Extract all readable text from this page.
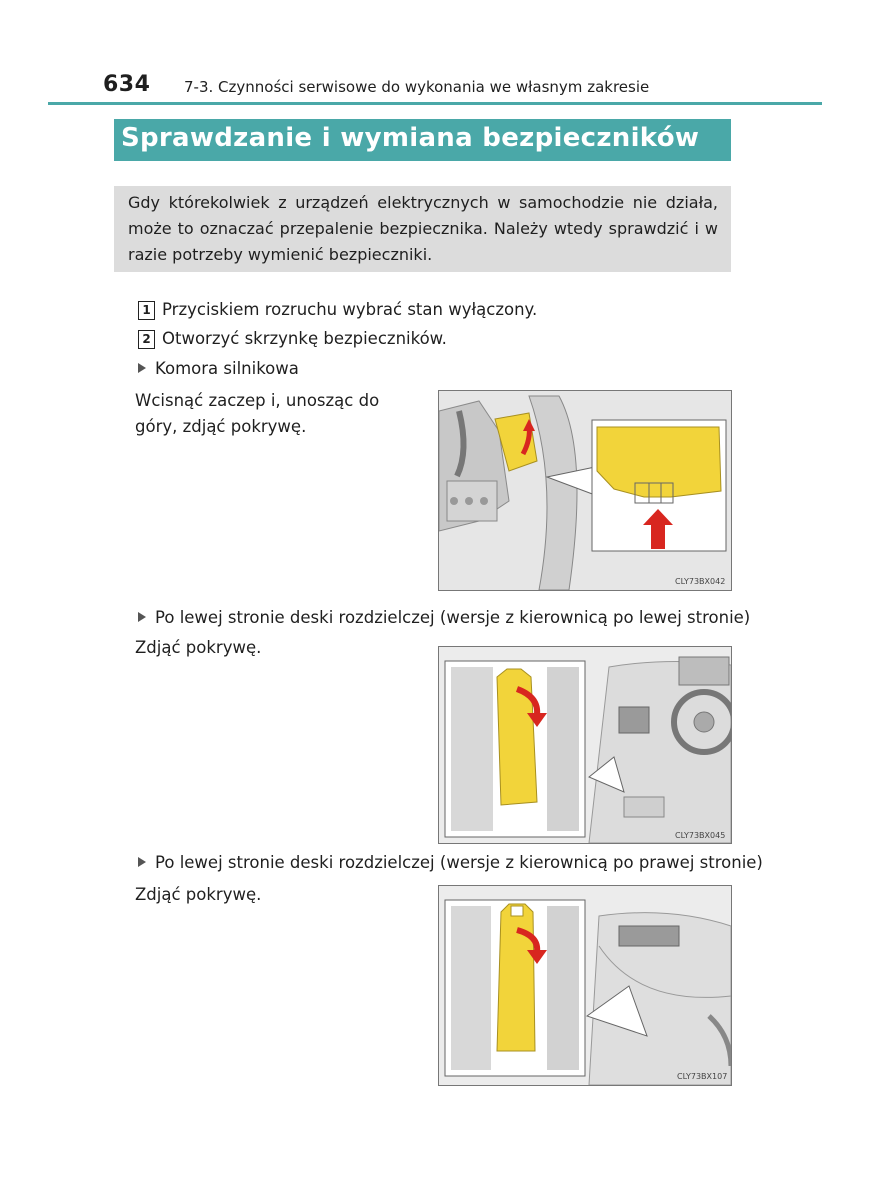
634 7-3. Czynności serwisowe do wykonania we własnym zakresie
Sprawdzanie i wymiana bezpieczników
Gdy którekolwiek z urządzeń elektrycznych w samochodzie nie działa, może to oznaczać przepalenie bezpiecznika. Należy wtedy sprawdzić i w razie potrzeby wymienić bezpieczniki.
1 Przyciskiem rozruchu wybrać stan wyłączony.
2 Otworzyć skrzynkę bezpieczników.
Komora silnikowa
Wcisnąć zaczep i, unosząc do góry, zdjąć pokrywę.
CLY73BX042
Po lewej stronie deski rozdzielczej (wersje z kierownicą po lewej stronie)
Zdjąć pokrywę.
CLY73BX045
Po lewej stronie deski rozdzielczej (wersje z kierownicą po prawej stronie)
Zdjąć pokrywę.
CLY73BX107
